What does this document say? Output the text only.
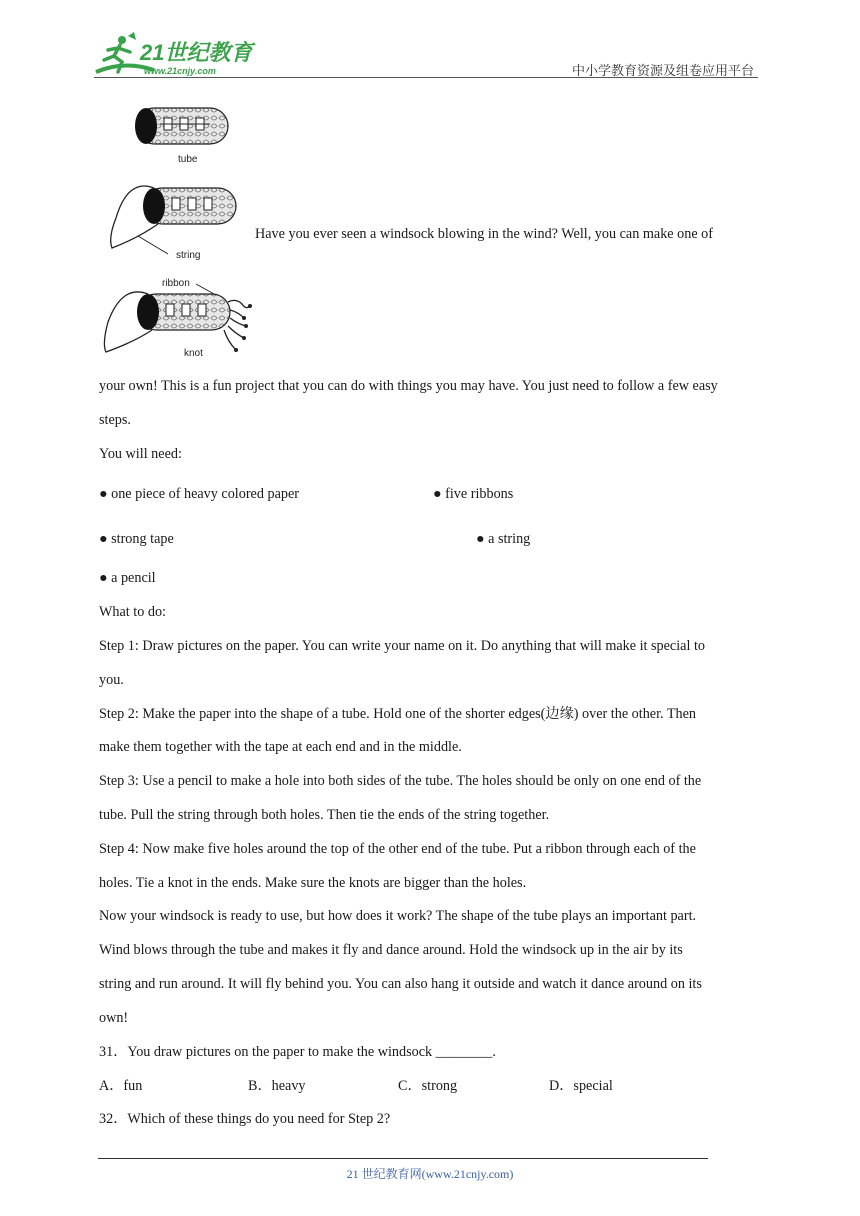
21世纪教育
www.21cnjy.com	中小学教育资源及组卷应用平台
tube
string
ribbon
knot
Have you ever seen a windsock blowing in the wind? Well, you can make one of
your own! This is a fun project that you can do with things you may have. You just need to follow a few easy
steps.
You will need:
● one piece of heavy colored paper	● five ribbons
● strong tape	● a string
● a pencil
What to do:
Step 1: Draw pictures on the paper. You can write your name on it. Do anything that will make it special to
you.
Step 2: Make the paper into the shape of a tube. Hold one of the shorter edges(边缘) over the other. Then
make them together with the tape at each end and in the middle.
Step 3: Use a pencil to make a hole into both sides of the tube. The holes should be only on one end of the
tube. Pull the string through both holes. Then tie the ends of the string together.
Step 4: Now make five holes around the top of the other end of the tube. Put a ribbon through each of the
holes. Tie a knot in the ends. Make sure the knots are bigger than the holes.
Now your windsock is ready to use, but how does it work? The shape of the tube plays an important part.
Wind blows through the tube and makes it fly and dance around. Hold the windsock up in the air by its
string and run around. It will fly behind you. You can also hang it outside and watch it dance around on its
own!
31．You draw pictures on the paper to make the windsock ________.
A．fun	B．heavy	C．strong	D．special
32．Which of these things do you need for Step 2?
21 世纪教育网(www.21cnjy.com)
